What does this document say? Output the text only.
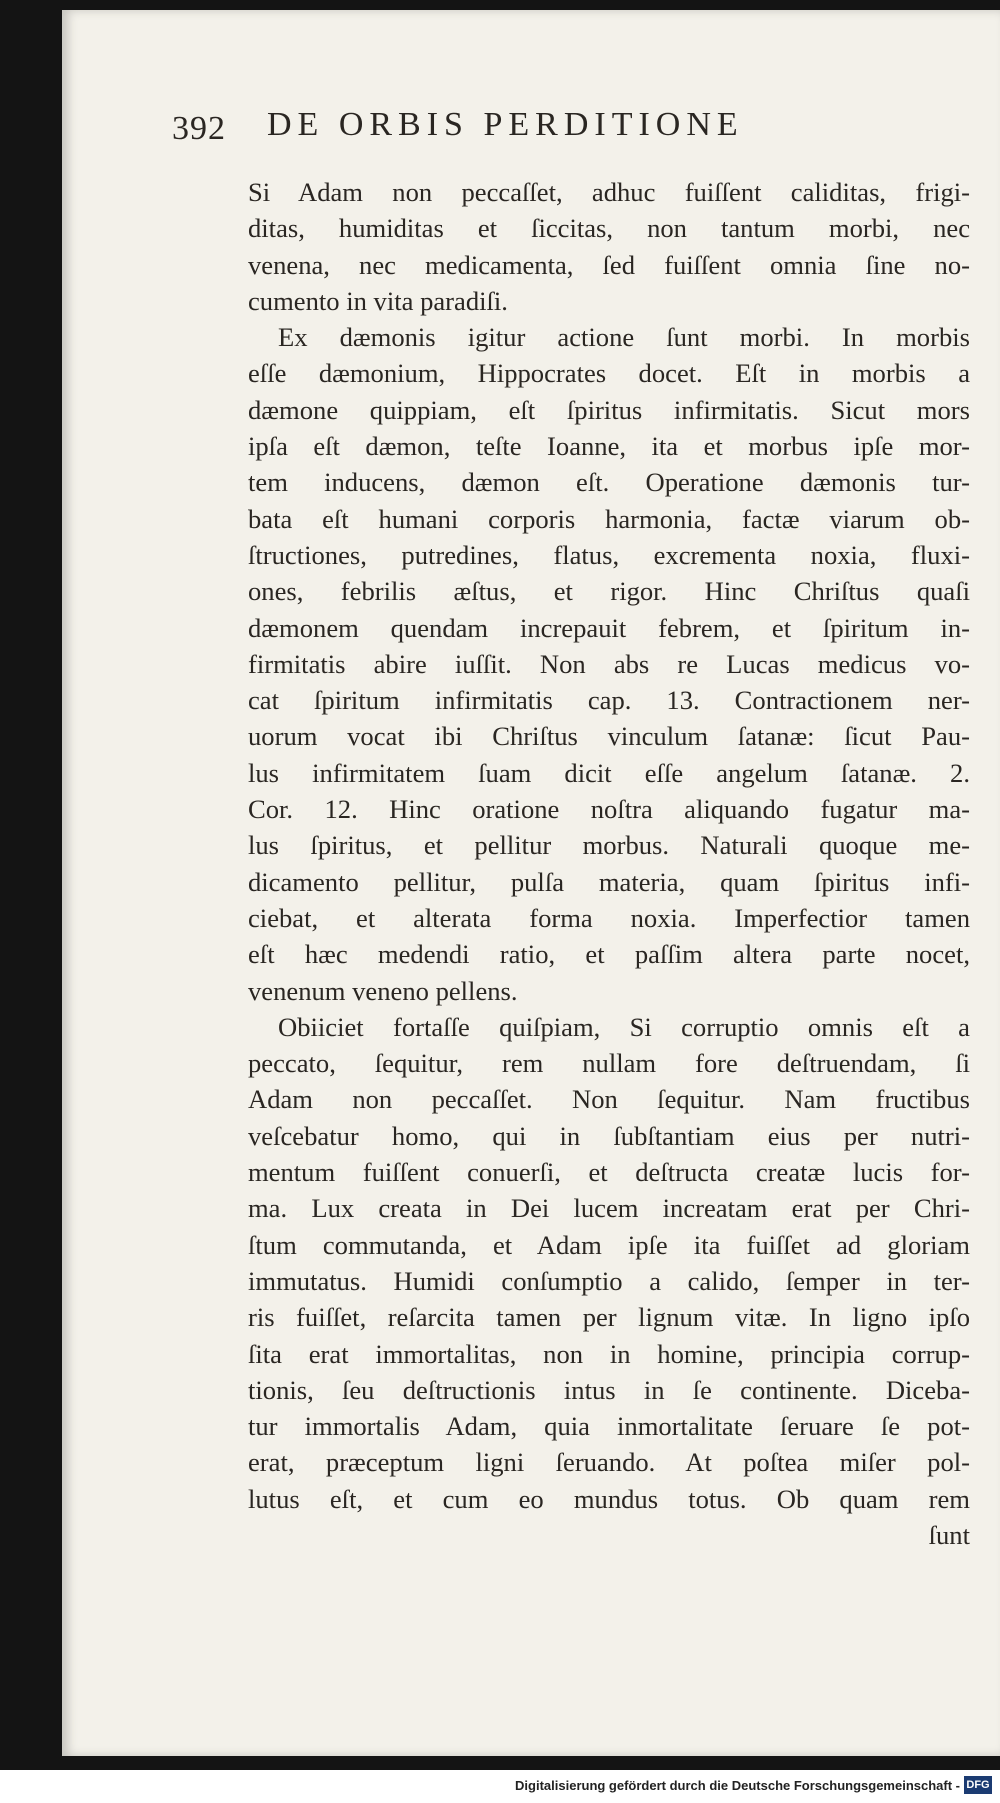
392 DE ORBIS PERDITIONE
Si Adam non peccaſſet, adhuc fuiſſent caliditas, frigi-
ditas, humiditas et ſiccitas, non tantum morbi, nec
venena, nec medicamenta, ſed fuiſſent omnia ſine no-
cumento in vita paradiſi.
Ex dæmonis igitur actione ſunt morbi. In morbis
eſſe dæmonium, Hippocrates docet. Eſt in morbis a
dæmone quippiam, eſt ſpiritus infirmitatis. Sicut mors
ipſa eſt dæmon, teſte Ioanne, ita et morbus ipſe mor-
tem inducens, dæmon eſt. Operatione dæmonis tur-
bata eſt humani corporis harmonia, factæ viarum ob-
ſtructiones, putredines, flatus, excrementa noxia, fluxi-
ones, febrilis æſtus, et rigor. Hinc Chriſtus quaſi
dæmonem quendam increpauit febrem, et ſpiritum in-
firmitatis abire iuſſit. Non abs re Lucas medicus vo-
cat ſpiritum infirmitatis cap. 13. Contractionem ner-
uorum vocat ibi Chriſtus vinculum ſatanæ: ſicut Pau-
lus infirmitatem ſuam dicit eſſe angelum ſatanæ. 2.
Cor. 12. Hinc oratione noſtra aliquando fugatur ma-
lus ſpiritus, et pellitur morbus. Naturali quoque me-
dicamento pellitur, pulſa materia, quam ſpiritus infi-
ciebat, et alterata forma noxia. Imperfectior tamen
eſt hæc medendi ratio, et paſſim altera parte nocet,
venenum veneno pellens.
Obiiciet fortaſſe quiſpiam, Si corruptio omnis eſt a
peccato, ſequitur, rem nullam fore deſtruendam, ſi
Adam non peccaſſet. Non ſequitur. Nam fructibus
veſcebatur homo, qui in ſubſtantiam eius per nutri-
mentum fuiſſent conuerſi, et deſtructa creatæ lucis for-
ma. Lux creata in Dei lucem increatam erat per Chri-
ſtum commutanda, et Adam ipſe ita fuiſſet ad gloriam
immutatus. Humidi conſumptio a calido, ſemper in ter-
ris fuiſſet, reſarcita tamen per lignum vitæ. In ligno ipſo
ſita erat immortalitas, non in homine, principia corrup-
tionis, ſeu deſtructionis intus in ſe continente. Diceba-
tur immortalis Adam, quia inmortalitate ſeruare ſe pot-
erat, præceptum ligni ſeruando. At poſtea miſer pol-
lutus eſt, et cum eo mundus totus. Ob quam rem
ſunt
Digitalisierung gefördert durch die Deutsche Forschungsgemeinschaft - DFG
